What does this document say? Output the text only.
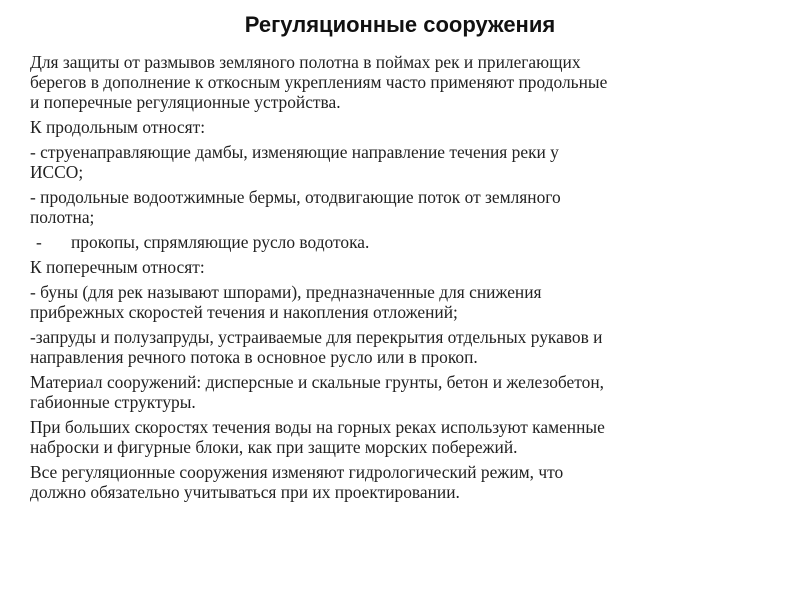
Регуляционные сооружения

Для защиты от размывов земляного полотна в поймах рек и прилегающих
берегов в дополнение к откосным укреплениям часто применяют продольные
и поперечные регуляционные устройства.

К продольным относят:

- струенаправляющие дамбы, изменяющие направление течения реки у
ИССО;

- продольные водоотжимные бермы, отодвигающие поток от земляного
полотна;

- прокопы, спрямляющие русло водотока.

К поперечным относят:

- буны (для рек называют шпорами), предназначенные для снижения
прибрежных скоростей течения и накопления отложений;

-запруды и полузапруды, устраиваемые для перекрытия отдельных рукавов и
направления речного потока в основное русло или в прокоп.

Материал сооружений: дисперсные и скальные грунты, бетон и железобетон,
габионные структуры.

При больших скоростях течения воды на горных реках используют каменные
наброски и фигурные блоки, как при защите морских побережий.

Все регуляционные сооружения изменяют гидрологический режим, что
должно обязательно учитываться при их проектировании.
